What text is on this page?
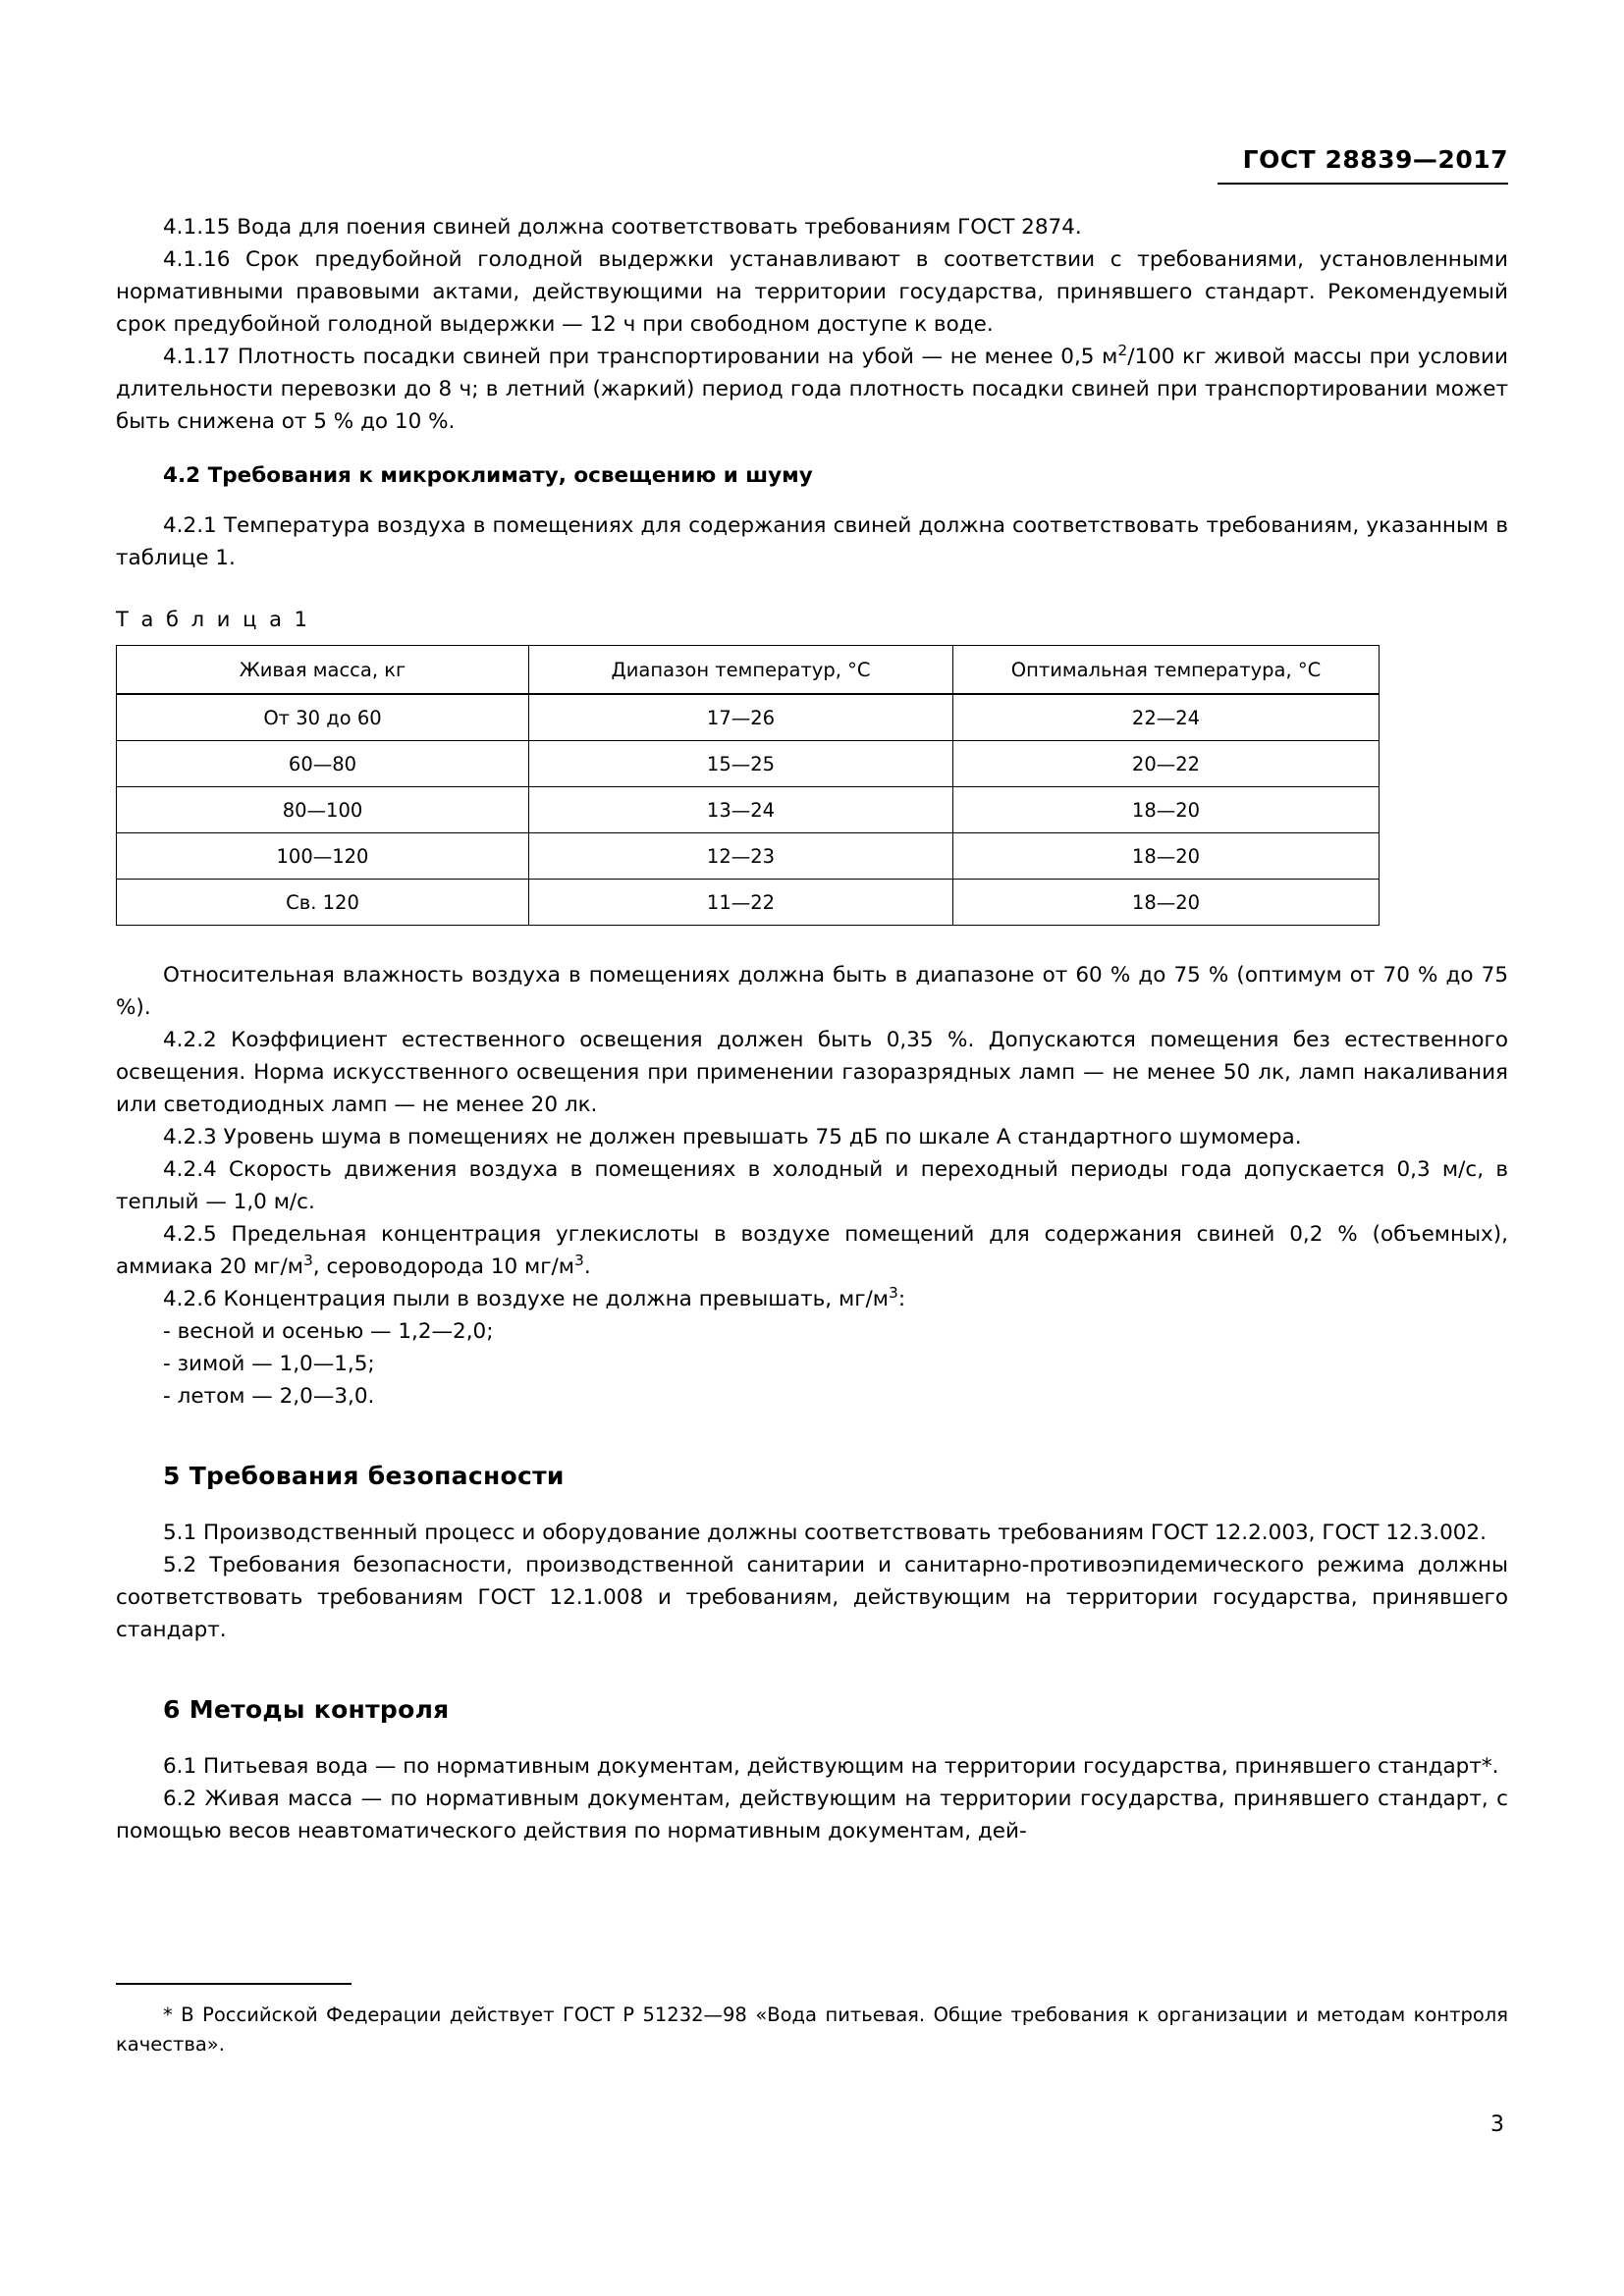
ГОСТ 28839—2017

4.1.15 Вода для поения свиней должна соответствовать требованиям ГОСТ 2874.

4.1.16 Срок предубойной голодной выдержки устанавливают в соответствии с требованиями, установленными нормативными правовыми актами, действующими на территории государства, принявшего стандарт. Рекомендуемый срок предубойной голодной выдержки — 12 ч при свободном доступе к воде.

4.1.17 Плотность посадки свиней при транспортировании на убой — не менее 0,5 $м^2/100$ кг живой массы при условии длительности перевозки до 8 ч; в летний (жаркий) период года плотность посадки свиней при транспортировании может быть снижена от 5 % до 10 %.

4.2 Требования к микроклимату, освещению и шуму

4.2.1 Температура воздуха в помещениях для содержания свиней должна соответствовать требованиям, указанным в таблице 1.

Т а б л и ц а 1
Живая масса, кг	Диапазон температур, °С	Оптимальная температура, °С
От 30 до 60	17—26	22—24
60—80	15—25	20—22
80—100	13—24	18—20
100—120	12—23	18—20
Св. 120	11—22	18—20

Относительная влажность воздуха в помещениях должна быть в диапазоне от 60 % до 75 % (оптимум от 70 % до 75 %).

4.2.2 Коэффициент естественного освещения должен быть 0,35 %. Допускаются помещения без естественного освещения. Норма искусственного освещения при применении газоразрядных ламп — не менее 50 лк, ламп накаливания или светодиодных ламп — не менее 20 лк.

4.2.3 Уровень шума в помещениях не должен превышать 75 дБ по шкале А стандартного шумомера.

4.2.4 Скорость движения воздуха в помещениях в холодный и переходный периоды года допускается 0,3 м/с, в теплый — 1,0 м/с.

4.2.5 Предельная концентрация углекислоты в воздухе помещений для содержания свиней 0,2 % (объемных), аммиака 20 $мг/м^3$, сероводорода 10 $мг/м^3$.

4.2.6 Концентрация пыли в воздухе не должна превышать, $мг/м^3$:

- весной и осенью — 1,2—2,0;

- зимой — 1,0—1,5;

- летом — 2,0—3,0.

5 Требования безопасности

5.1 Производственный процесс и оборудование должны соответствовать требованиям ГОСТ 12.2.003, ГОСТ 12.3.002.

5.2 Требования безопасности, производственной санитарии и санитарно-противоэпидемического режима должны соответствовать требованиям ГОСТ 12.1.008 и требованиям, действующим на территории государства, принявшего стандарт.

6 Методы контроля

6.1 Питьевая вода — по нормативным документам, действующим на территории государства, принявшего стандарт*.

6.2 Живая масса — по нормативным документам, действующим на территории государства, принявшего стандарт, с помощью весов неавтоматического действия по нормативным документам, дей-

* В Российской Федерации действует ГОСТ Р 51232—98 «Вода питьевая. Общие требования к организации и методам контроля качества».
3
